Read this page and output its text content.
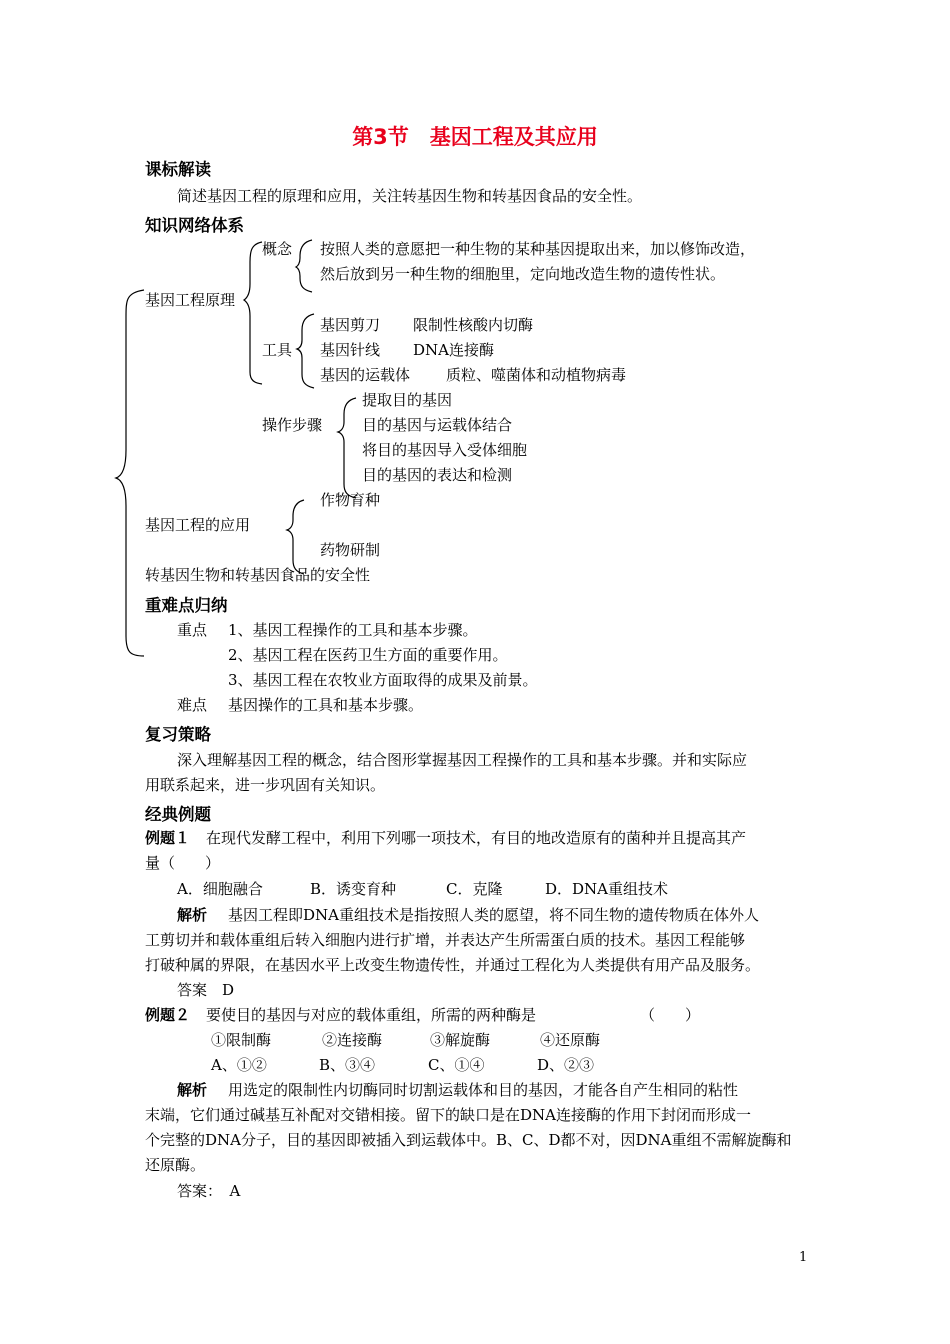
第3节　基因工程及其应用
课标解读
简述基因工程的原理和应用，关注转基因生物和转基因食品的安全性。
知识网络体系
概念 按照人类的意愿把一种生物的某种基因提取出来，加以修饰改造，
然后放到另一种生物的细胞里，定向地改造生物的遗传性状。
基因工程原理
基因剪刀 限制性核酸内切酶
工具 基因针线 DNA连接酶
基因的运载体 质粒、噬菌体和动植物病毒
提取目的基因
操作步骤	目的基因与运载体结合
将目的基因导入受体细胞
目的基因的表达和检测
作物育种
基因工程的应用
药物研制
转基因生物和转基因食品的安全性
重难点归纳
重点 1、基因工程操作的工具和基本步骤。
2、基因工程在医药卫生方面的重要作用。
3、基因工程在农牧业方面取得的成果及前景。
难点 基因操作的工具和基本步骤。
复习策略
深入理解基因工程的概念，结合图形掌握基因工程操作的工具和基本步骤。并和实际应
用联系起来，进一步巩固有关知识。
经典例题
例题１ 在现代发酵工程中，利用下列哪一项技术，有目的地改造原有的菌种并且提高其产
量（　　）
A．细胞融合	B．诱变育种	C．克隆	D．DNA重组技术
解析 基因工程即DNA重组技术是指按照人类的愿望，将不同生物的遗传物质在体外人
工剪切并和载体重组后转入细胞内进行扩增，并表达产生所需蛋白质的技术。基因工程能够
打破种属的界限，在基因水平上改变生物遗传性，并通过工程化为人类提供有用产品及服务。
答案　D
例题２ 要使目的基因与对应的载体重组，所需的两种酶是	（　　）
①限制酶	②连接酶	③解旋酶	④还原酶
A、①②	B、③④	C、①④	D、②③
解析 用选定的限制性内切酶同时切割运载体和目的基因，才能各自产生相同的粘性
末端，它们通过碱基互补配对交错相接。留下的缺口是在DNA连接酶的作用下封闭而形成一
个完整的DNA分子，目的基因即被插入到运载体中。B、C、D都不对，因DNA重组不需解旋酶和
还原酶。
答案：　A
1
